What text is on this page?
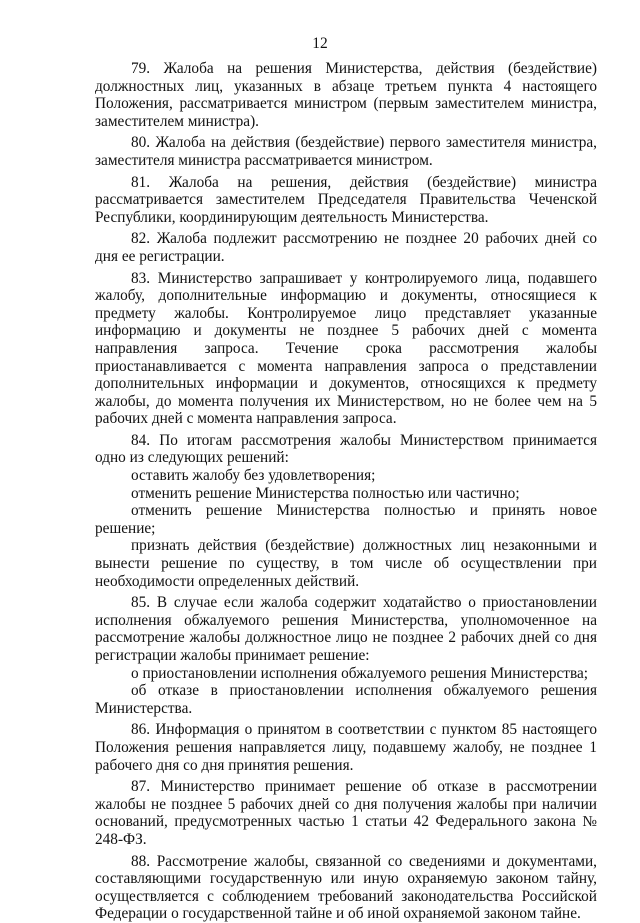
12

79. Жалоба на решения Министерства, действия (бездействие) должностных лиц, указанных в абзаце третьем пункта 4 настоящего Положения, рассматривается министром (первым заместителем министра, заместителем министра).

80. Жалоба на действия (бездействие) первого заместителя министра, заместителя министра рассматривается министром.

81. Жалоба на решения, действия (бездействие) министра рассматривается заместителем Председателя Правительства Чеченской Республики, координирующим деятельность Министерства.

82. Жалоба подлежит рассмотрению не позднее 20 рабочих дней со дня ее регистрации.

83. Министерство запрашивает у контролируемого лица, подавшего жалобу, дополнительные информацию и документы, относящиеся к предмету жалобы. Контролируемое лицо представляет указанные информацию и документы не позднее 5 рабочих дней с момента направления запроса. Течение срока рассмотрения жалобы приостанавливается с момента направления запроса о представлении дополнительных информации и документов, относящихся к предмету жалобы, до момента получения их Министерством, но не более чем на 5 рабочих дней с момента направления запроса.

84. По итогам рассмотрения жалобы Министерством принимается одно из следующих решений:

оставить жалобу без удовлетворения;

отменить решение Министерства полностью или частично;

отменить решение Министерства полностью и принять новое решение;

признать действия (бездействие) должностных лиц незаконными и вынести решение по существу, в том числе об осуществлении при необходимости определенных действий.

85. В случае если жалоба содержит ходатайство о приостановлении исполнения обжалуемого решения Министерства, уполномоченное на рассмотрение жалобы должностное лицо не позднее 2 рабочих дней со дня регистрации жалобы принимает решение:

о приостановлении исполнения обжалуемого решения Министерства;

об отказе в приостановлении исполнения обжалуемого решения Министерства.

86. Информация о принятом в соответствии с пунктом 85 настоящего Положения решения направляется лицу, подавшему жалобу, не позднее 1 рабочего дня со дня принятия решения.

87. Министерство принимает решение об отказе в рассмотрении жалобы не позднее 5 рабочих дней со дня получения жалобы при наличии оснований, предусмотренных частью 1 статьи 42 Федерального закона № 248-ФЗ.

88. Рассмотрение жалобы, связанной со сведениями и документами, составляющими государственную или иную охраняемую законом тайну, осуществляется с соблюдением требований законодательства Российской Федерации о государственной тайне и об иной охраняемой законом тайне.
